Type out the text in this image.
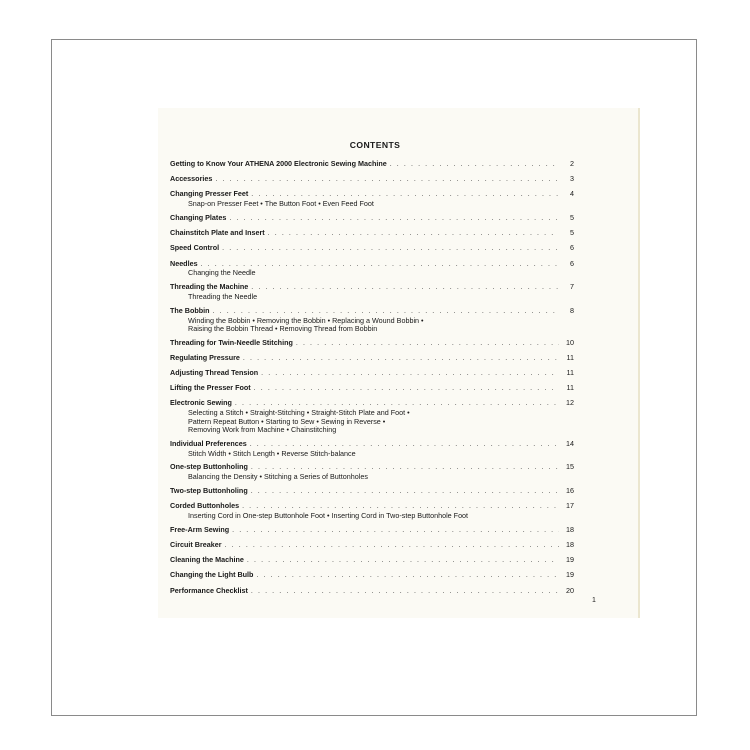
CONTENTS
Getting to Know Your ATHENA 2000 Electronic Sewing Machine . . .	2
Accessories . . .	3
Changing Presser Feet . . .	4
Snap-on Presser Feet • The Button Foot • Even Feed Foot
Changing Plates . . .	5
Chainstitch Plate and Insert . . .	5
Speed Control . . .	6
Needles . . .	6
Changing the Needle
Threading the Machine . . .	7
Threading the Needle
The Bobbin . . .	8
Winding the Bobbin • Removing the Bobbin • Replacing a Wound Bobbin •
Raising the Bobbin Thread • Removing Thread from Bobbin
Threading for Twin-Needle Stitching . . .	10
Regulating Pressure . . .	11
Adjusting Thread Tension . . .	11
Lifting the Presser Foot . . .	11
Electronic Sewing . . .	12
Selecting a Stitch • Straight-Stitching • Straight-Stitch Plate and Foot •
Pattern Repeat Button • Starting to Sew • Sewing in Reverse •
Removing Work from Machine • Chainstitching
Individual Preferences . . .	14
Stitch Width • Stitch Length • Reverse Stitch-balance
One-step Buttonholing . . .	15
Balancing the Density • Stitching a Series of Buttonholes
Two-step Buttonholing . . .	16
Corded Buttonholes . . .	17
Inserting Cord in One-step Buttonhole Foot • Inserting Cord in Two-step Buttonhole Foot
Free-Arm Sewing . . .	18
Circuit Breaker . . .	18
Cleaning the Machine . . .	19
Changing the Light Bulb . . .	19
Performance Checklist . . .	20
1
